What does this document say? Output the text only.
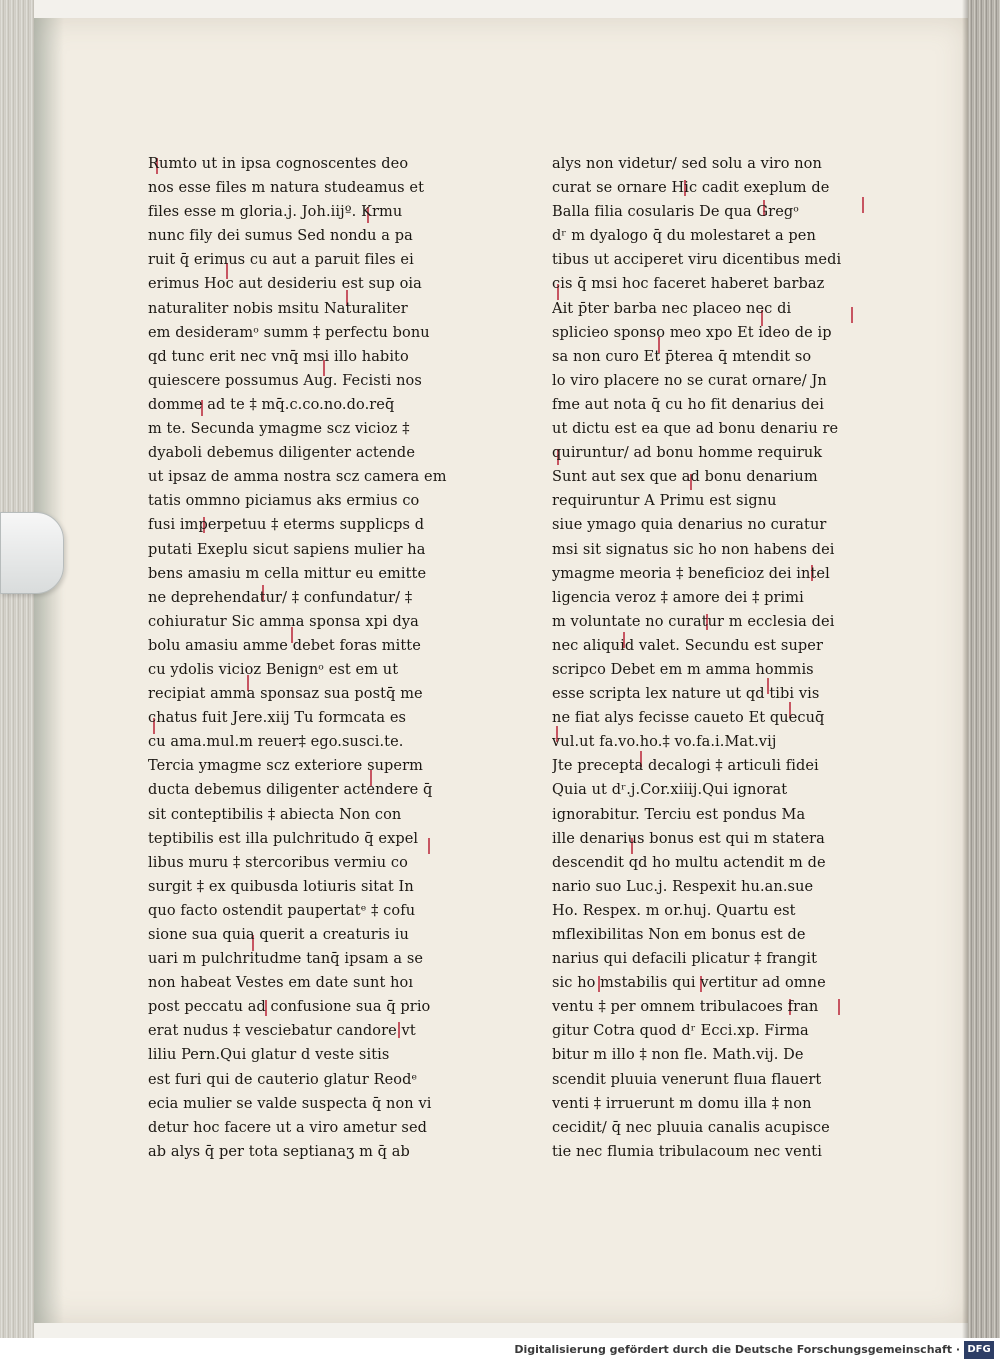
Rumto ut in ipsa cognoscentes deo
nos esse files m natura studeamus et
files esse m gloria.j. Joh.iijº. Krmu
nunc fily dei sumus Sed nondu a pa
ruit q̄ erimus cu aut a paruit files ei
erimus Hoc aut desideriu est sup oia
naturaliter nobis msitu Naturaliter
em desideramᵒ summ ‡ perfectu bonu
qd tunc erit nec vnq̄ msi illo habito
quiescere possumus Aug. Fecisti nos
domme ad te ‡ mq̄.c.co.no.do.req̄
m te. Secunda ymagme scz vicioz ‡
dyaboli debemus diligenter actende
ut ipsaz de amma nostra scz camera em
tatis ommno piciamus aks ermius co
fusi imperpetuu ‡ eterms supplicps d
putati Exeplu sicut sapiens mulier ha
bens amasiu m cella mittur eu emitte
ne deprehendatur/ ‡ confundatur/ ‡
cohiuratur Sic amma sponsa xpi dya
bolu amasiu amme debet foras mitte
cu ydolis vicioz Benignᵒ est em ut
recipiat amma sponsaz sua postq̄ me
chatus fuit Jere.xiij Tu formcata es
cu ama.mul.m reuer‡ ego.susci.te.
Tercia ymagme scz exteriore superm
ducta debemus diligenter actendere q̄
sit conteptibilis ‡ abiecta Non con
teptibilis est illa pulchritudo q̄ expel
libus muru ‡ stercoribus vermiu co
surgit ‡ ex quibusda lotiuris sitat In
quo facto ostendit paupertatᵉ ‡ cofu
sione sua quia querit a creaturis iu
uari m pulchritudme tanq̄ ipsam a se
non habeat Vestes em date sunt hoı
post peccatu ad confusione sua q̄ prio
erat nudus ‡ vesciebatur candore vt
liliu Pern.Qui glatur d veste sitis
est furi qui de cauterio glatur Reodᵉ
ecia mulier se valde suspecta q̄ non vi
detur hoc facere ut a viro ametur sed
ab alys q̄ per tota septianaʒ m q̄ ab
alys non videtur/ sed solu a viro non
curat se ornare Hic cadit exeplum de
Balla filia cosularis De qua Gregᵒ
dʳ m dyalogo q̄ du molestaret a pen
tibus ut acciperet viru dicentibus medi
cis q̄ msi hoc faceret haberet barbaz
Ait p̄ter barba nec placeo nec di
splicieo sponso meo xpo Et ideo de ip
sa non curo Et p̄terea q̄ mtendit so
lo viro placere no se curat ornare/ Jn
fme aut nota q̄ cu ho fit denarius dei
ut dictu est ea que ad bonu denariu re
quiruntur/ ad bonu homme requiruk
Sunt aut sex que ad bonu denarium
requiruntur A Primu est signu
siue ymago quia denarius no curatur
msi sit signatus sic ho non habens dei
ymagme meoria ‡ beneficioz dei intel
ligencia veroz ‡ amore dei ‡ primi
m voluntate no curatur m ecclesia dei
nec aliquid valet. Secundu est super
scripco Debet em m amma hommis
esse scripta lex nature ut qd tibi vis
ne fiat alys fecisse caueto Et quecuq̄
vul.ut fa.vo.ho.‡ vo.fa.i.Mat.vij
Jte precepta decalogi ‡ articuli fidei
Quia ut dʳ.j.Cor.xiiij.Qui ignorat
ignorabitur. Terciu est pondus Ma
ille denarius bonus est qui m statera
descendit qd ho multu actendit m de
nario suo Luc.j. Respexit hu.an.sue
Ho. Respex. m or.huj. Quartu est
mflexibilitas Non em bonus est de
narius qui defacili plicatur ‡ frangit
sic ho mstabilis qui vertitur ad omne
ventu ‡ per omnem tribulacoes fran
gitur Cotra quod dʳ Ecci.xp. Firma
bitur m illo ‡ non fle. Math.vij. De
scendit pluuia venerunt fluıa flauert
venti ‡ irruerunt m domu illa ‡ non
cecidit/ q̄ nec pluuia canalis acupisce
tie nec flumia tribulacoum nec venti
Digitalisierung gefördert durch die Deutsche Forschungsgemeinschaft · DFG
